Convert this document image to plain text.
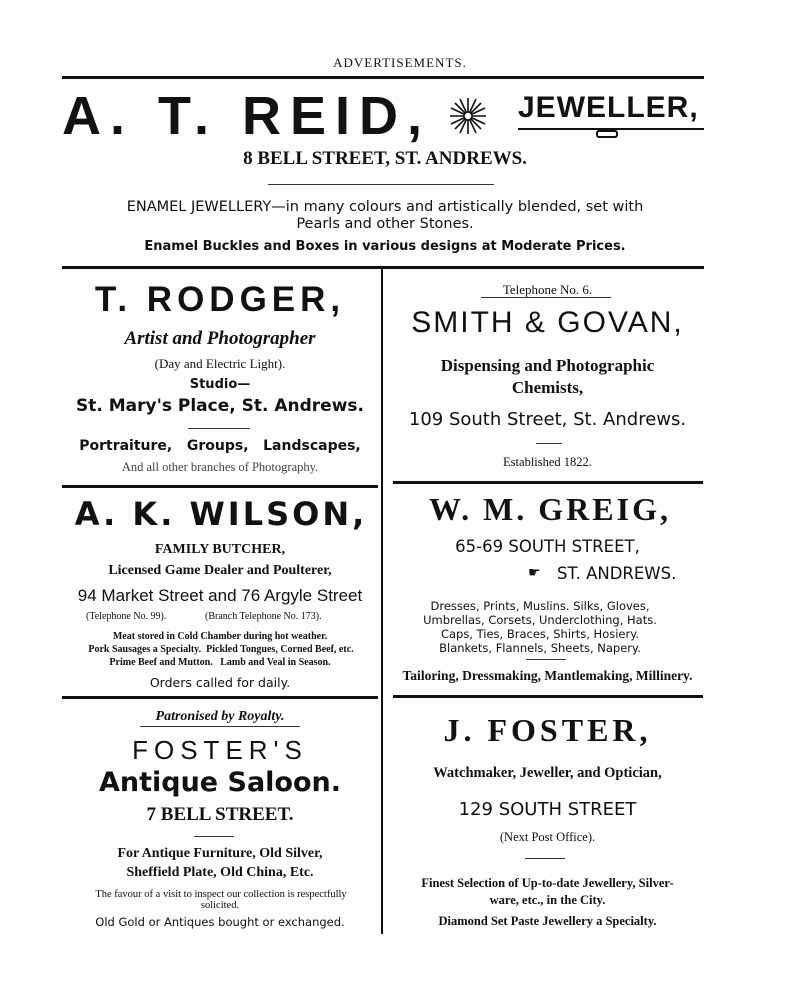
ADVERTISEMENTS.
A. T. REID,	JEWELLER,
8 BELL STREET, ST. ANDREWS.
ENAMEL JEWELLERY—in many colours and artistically blended, set with
Pearls and other Stones.
Enamel Buckles and Boxes in various designs at Moderate Prices.
T. RODGER,
Artist and Photographer
(Day and Electric Light).
Studio—
St. Mary's Place, St. Andrews.
Portraiture,   Groups,   Landscapes,
And all other branches of Photography.
Telephone No. 6.
SMITH & GOVAN,
Dispensing and Photographic
Chemists,
109 South Street, St. Andrews.
Established 1822.
A. K. WILSON,
FAMILY BUTCHER,
Licensed Game Dealer and Poulterer,
94 Market Street and 76 Argyle Street
(Telephone No. 99).	(Branch Telephone No. 173).
Meat stored in Cold Chamber during hot weather.
Pork Sausages a Specialty.  Pickled Tongues, Corned Beef, etc.
Prime Beef and Mutton.   Lamb and Veal in Season.
Orders called for daily.
W. M. GREIG,
65-69 SOUTH STREET,
☛ ST. ANDREWS.
Dresses, Prints, Muslins. Silks, Gloves,
Umbrellas, Corsets, Underclothing, Hats.
Caps, Ties, Braces, Shirts, Hosiery.
Blankets, Flannels, Sheets, Napery.
Tailoring, Dressmaking, Mantlemaking, Millinery.
Patronised by Royalty.
FOSTER'S
Antique Saloon.
7 BELL STREET.
For Antique Furniture, Old Silver,
Sheffield Plate, Old China, Etc.
The favour of a visit to inspect our collection is respectfully
solicited.
Old Gold or Antiques bought or exchanged.
J. FOSTER,
Watchmaker, Jeweller, and Optician,
129 SOUTH STREET
(Next Post Office).
Finest Selection of Up-to-date Jewellery, Silver-
ware, etc., in the City.
Diamond Set Paste Jewellery a Specialty.
